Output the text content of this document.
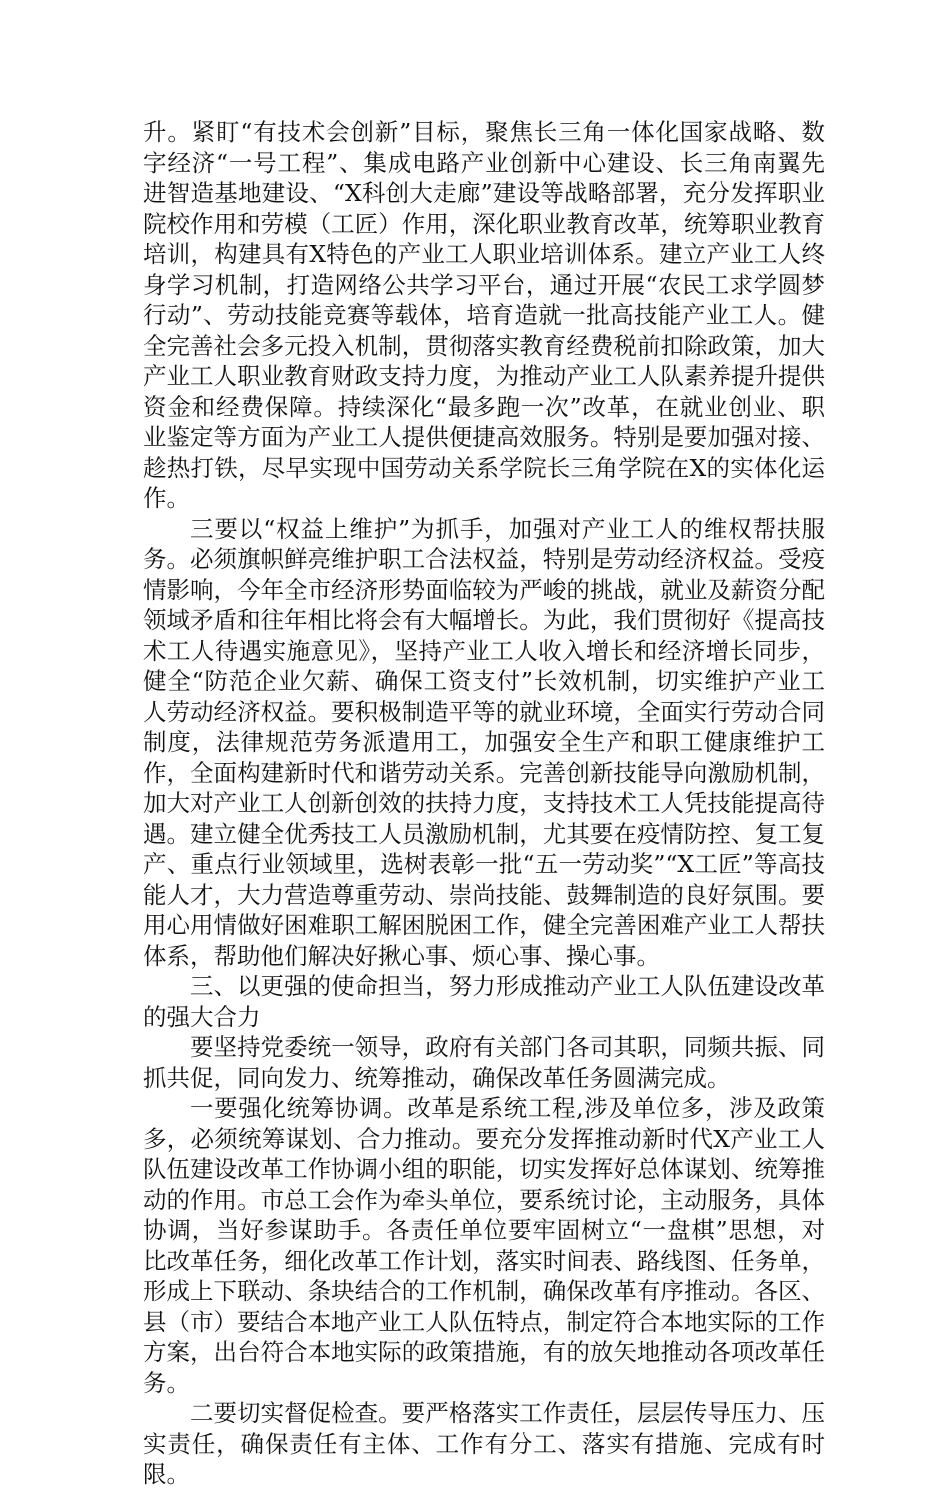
升。紧盯“有技术会创新”目标，聚焦长三角一体化国家战略、数字经济“一号工程”、集成电路产业创新中心建设、长三角南翼先进智造基地建设、“X科创大走廊”建设等战略部署，充分发挥职业院校作用和劳模（工匠）作用，深化职业教育改革，统筹职业教育培训，构建具有X特色的产业工人职业培训体系。建立产业工人终身学习机制，打造网络公共学习平台，通过开展“农民工求学圆梦行动”、劳动技能竞赛等载体，培育造就一批高技能产业工人。健全完善社会多元投入机制，贯彻落实教育经费税前扣除政策，加大产业工人职业教育财政支持力度，为推动产业工人队素养提升提供资金和经费保障。持续深化“最多跑一次”改革，在就业创业、职业鉴定等方面为产业工人提供便捷高效服务。特别是要加强对接、趁热打铁，尽早实现中国劳动关系学院长三角学院在X的实体化运作。

三要以“权益上维护”为抓手，加强对产业工人的维权帮扶服务。必须旗帜鲜亮维护职工合法权益，特别是劳动经济权益。受疫情影响，今年全市经济形势面临较为严峻的挑战，就业及薪资分配领域矛盾和往年相比将会有大幅增长。为此，我们贯彻好《提高技术工人待遇实施意见》，坚持产业工人收入增长和经济增长同步，健全“防范企业欠薪、确保工资支付”长效机制，切实维护产业工人劳动经济权益。要积极制造平等的就业环境，全面实行劳动合同制度，法律规范劳务派遣用工，加强安全生产和职工健康维护工作，全面构建新时代和谐劳动关系。完善创新技能导向激励机制，加大对产业工人创新创效的扶持力度，支持技术工人凭技能提高待遇。建立健全优秀技工人员激励机制，尤其要在疫情防控、复工复产、重点行业领域里，选树表彰一批“五一劳动奖”“X工匠”等高技能人才，大力营造尊重劳动、崇尚技能、鼓舞制造的良好氛围。要用心用情做好困难职工解困脱困工作，健全完善困难产业工人帮扶体系，帮助他们解决好揪心事、烦心事、操心事。

三、以更强的使命担当，努力形成推动产业工人队伍建设改革的强大合力

要坚持党委统一领导，政府有关部门各司其职，同频共振、同抓共促，同向发力、统筹推动，确保改革任务圆满完成。

一要强化统筹协调。改革是系统工程,涉及单位多，涉及政策多，必须统筹谋划、合力推动。要充分发挥推动新时代X产业工人队伍建设改革工作协调小组的职能，切实发挥好总体谋划、统筹推动的作用。市总工会作为牵头单位，要系统讨论，主动服务，具体协调，当好参谋助手。各责任单位要牢固树立“一盘棋”思想，对比改革任务，细化改革工作计划，落实时间表、路线图、任务单，形成上下联动、条块结合的工作机制，确保改革有序推动。各区、县（市）要结合本地产业工人队伍特点，制定符合本地实际的工作方案，出台符合本地实际的政策措施，有的放矢地推动各项改革任务。

二要切实督促检查。要严格落实工作责任，层层传导压力、压实责任，确保责任有主体、工作有分工、落实有措施、完成有时限。
